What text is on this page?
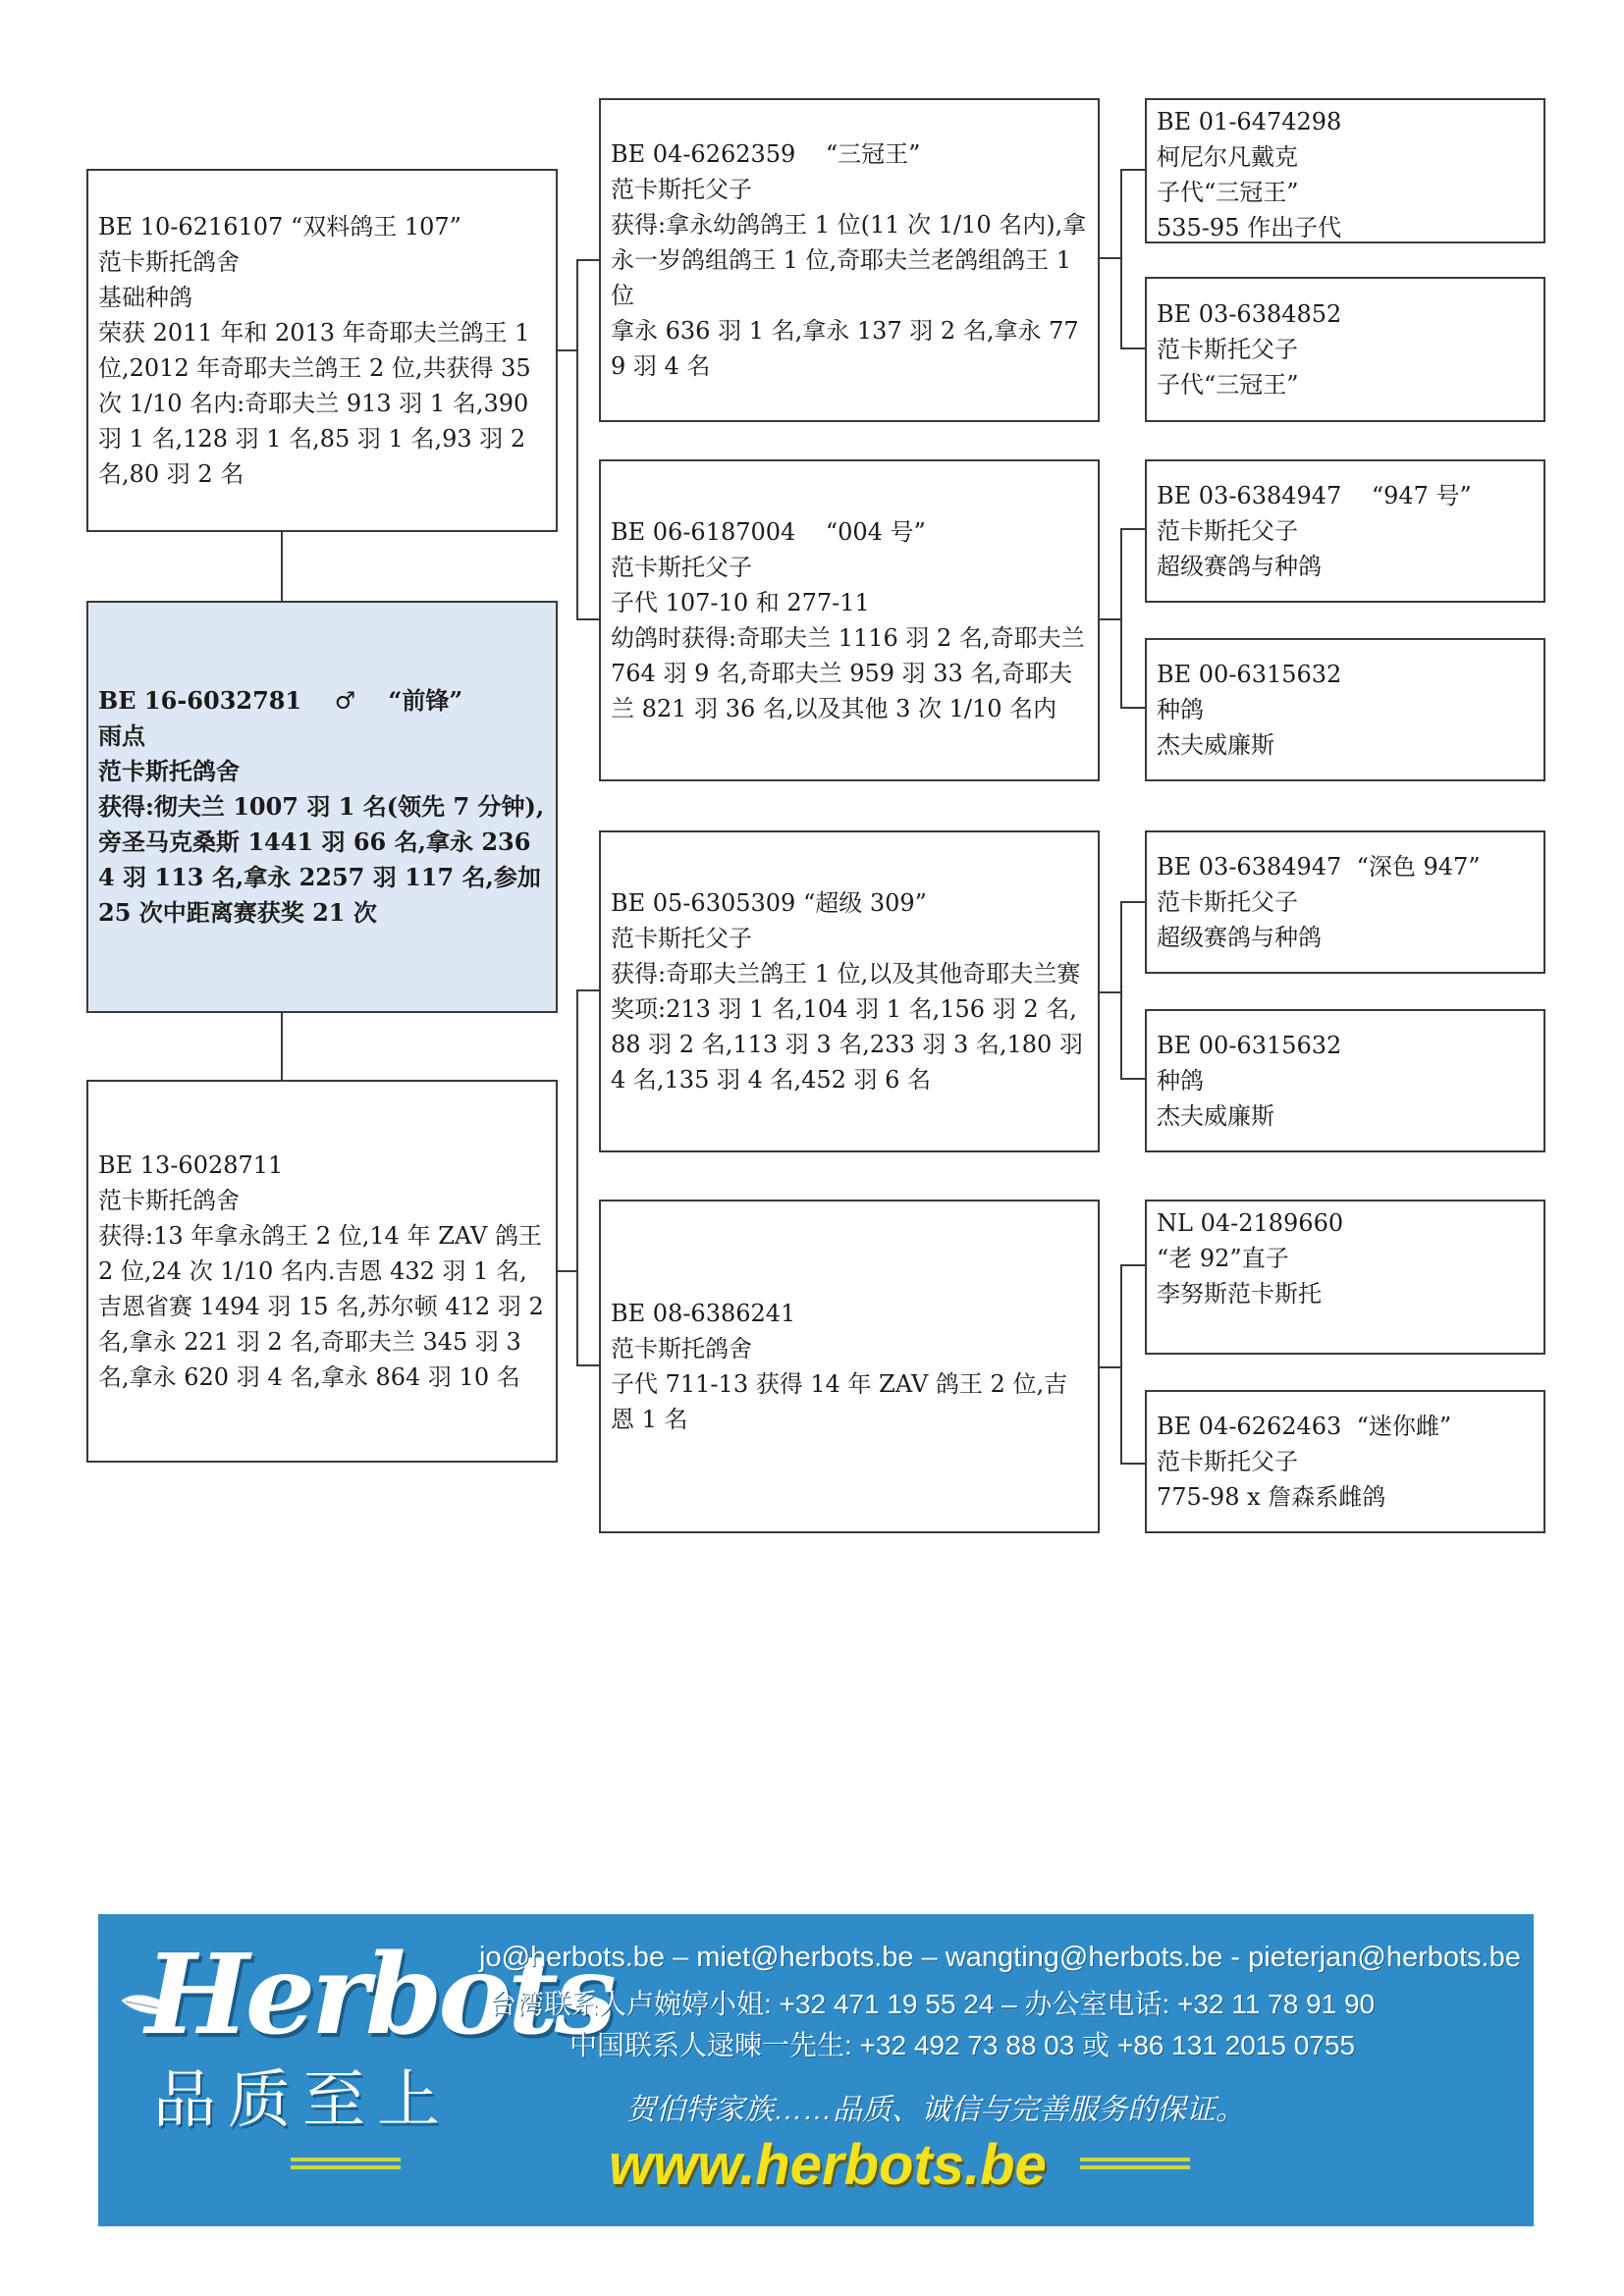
BE 10-6216107 “双料鸽王 107”
范卡斯托鸽舍
基础种鸽
荣获 2011 年和 2013 年奇耶夫兰鸽王 1 位,2012 年奇耶夫兰鸽王 2 位,共获得 35 次 1/10 名内:奇耶夫兰 913 羽 1 名,390 羽 1 名,128 羽 1 名,85 羽 1 名,93 羽 2 名,80 羽 2 名
BE 16-6032781    ♂    “前锋”
雨点
范卡斯托鸽舍
获得:彻夫兰 1007 羽 1 名(领先 7 分钟),旁圣马克桑斯 1441 羽 66 名,拿永 2364 羽 113 名,拿永 2257 羽 117 名,参加 25 次中距离赛获奖 21 次
BE 13-6028711
范卡斯托鸽舍
获得:13 年拿永鸽王 2 位,14 年 ZAV 鸽王 2 位,24 次 1/10 名内.吉恩 432 羽 1 名,吉恩省赛 1494 羽 15 名,苏尔顿 412 羽 2 名,拿永 221 羽 2 名,奇耶夫兰 345 羽 3 名,拿永 620 羽 4 名,拿永 864 羽 10 名
BE 04-6262359    “三冠王”
范卡斯托父子
获得:拿永幼鸽鸽王 1 位(11 次 1/10 名内),拿永一岁鸽组鸽王 1 位,奇耶夫兰老鸽组鸽王 1 位
拿永 636 羽 1 名,拿永 137 羽 2 名,拿永 779 羽 4 名
BE 06-6187004    “004 号”
范卡斯托父子
子代 107-10 和 277-11
幼鸽时获得:奇耶夫兰 1116 羽 2 名,奇耶夫兰 764 羽 9 名,奇耶夫兰 959 羽 33 名,奇耶夫兰 821 羽 36 名,以及其他 3 次 1/10 名内
BE 05-6305309 “超级 309”
范卡斯托父子
获得:奇耶夫兰鸽王 1 位,以及其他奇耶夫兰赛奖项:213 羽 1 名,104 羽 1 名,156 羽 2 名,88 羽 2 名,113 羽 3 名,233 羽 3 名,180 羽 4 名,135 羽 4 名,452 羽 6 名
BE 08-6386241
范卡斯托鸽舍
子代 711-13 获得 14 年 ZAV 鸽王 2 位,吉恩 1 名
BE 01-6474298
柯尼尔凡戴克
子代“三冠王”
535-95 作出子代
BE 03-6384852
范卡斯托父子
子代“三冠王”
BE 03-6384947    “947 号”
范卡斯托父子
超级赛鸽与种鸽
BE 00-6315632
种鸽
杰夫威廉斯
BE 03-6384947  “深色 947”
范卡斯托父子
超级赛鸽与种鸽
BE 00-6315632
种鸽
杰夫威廉斯
NL 04-2189660
“老 92”直子
李努斯范卡斯托
BE 04-6262463  “迷你雌”
范卡斯托父子
775-98 x 詹森系雌鸽
Herbots
品质至上
jo@herbots.be – miet@herbots.be – wangting@herbots.be - pieterjan@herbots.be
台湾联系人卢婉婷小姐: +32 471 19 55 24 – 办公室电话: +32 11 78 91 90
中国联系人逯暕一先生: +32 492 73 88 03 或 +86 131 2015 0755
贺伯特家族……品质、诚信与完善服务的保证。
www.herbots.be
